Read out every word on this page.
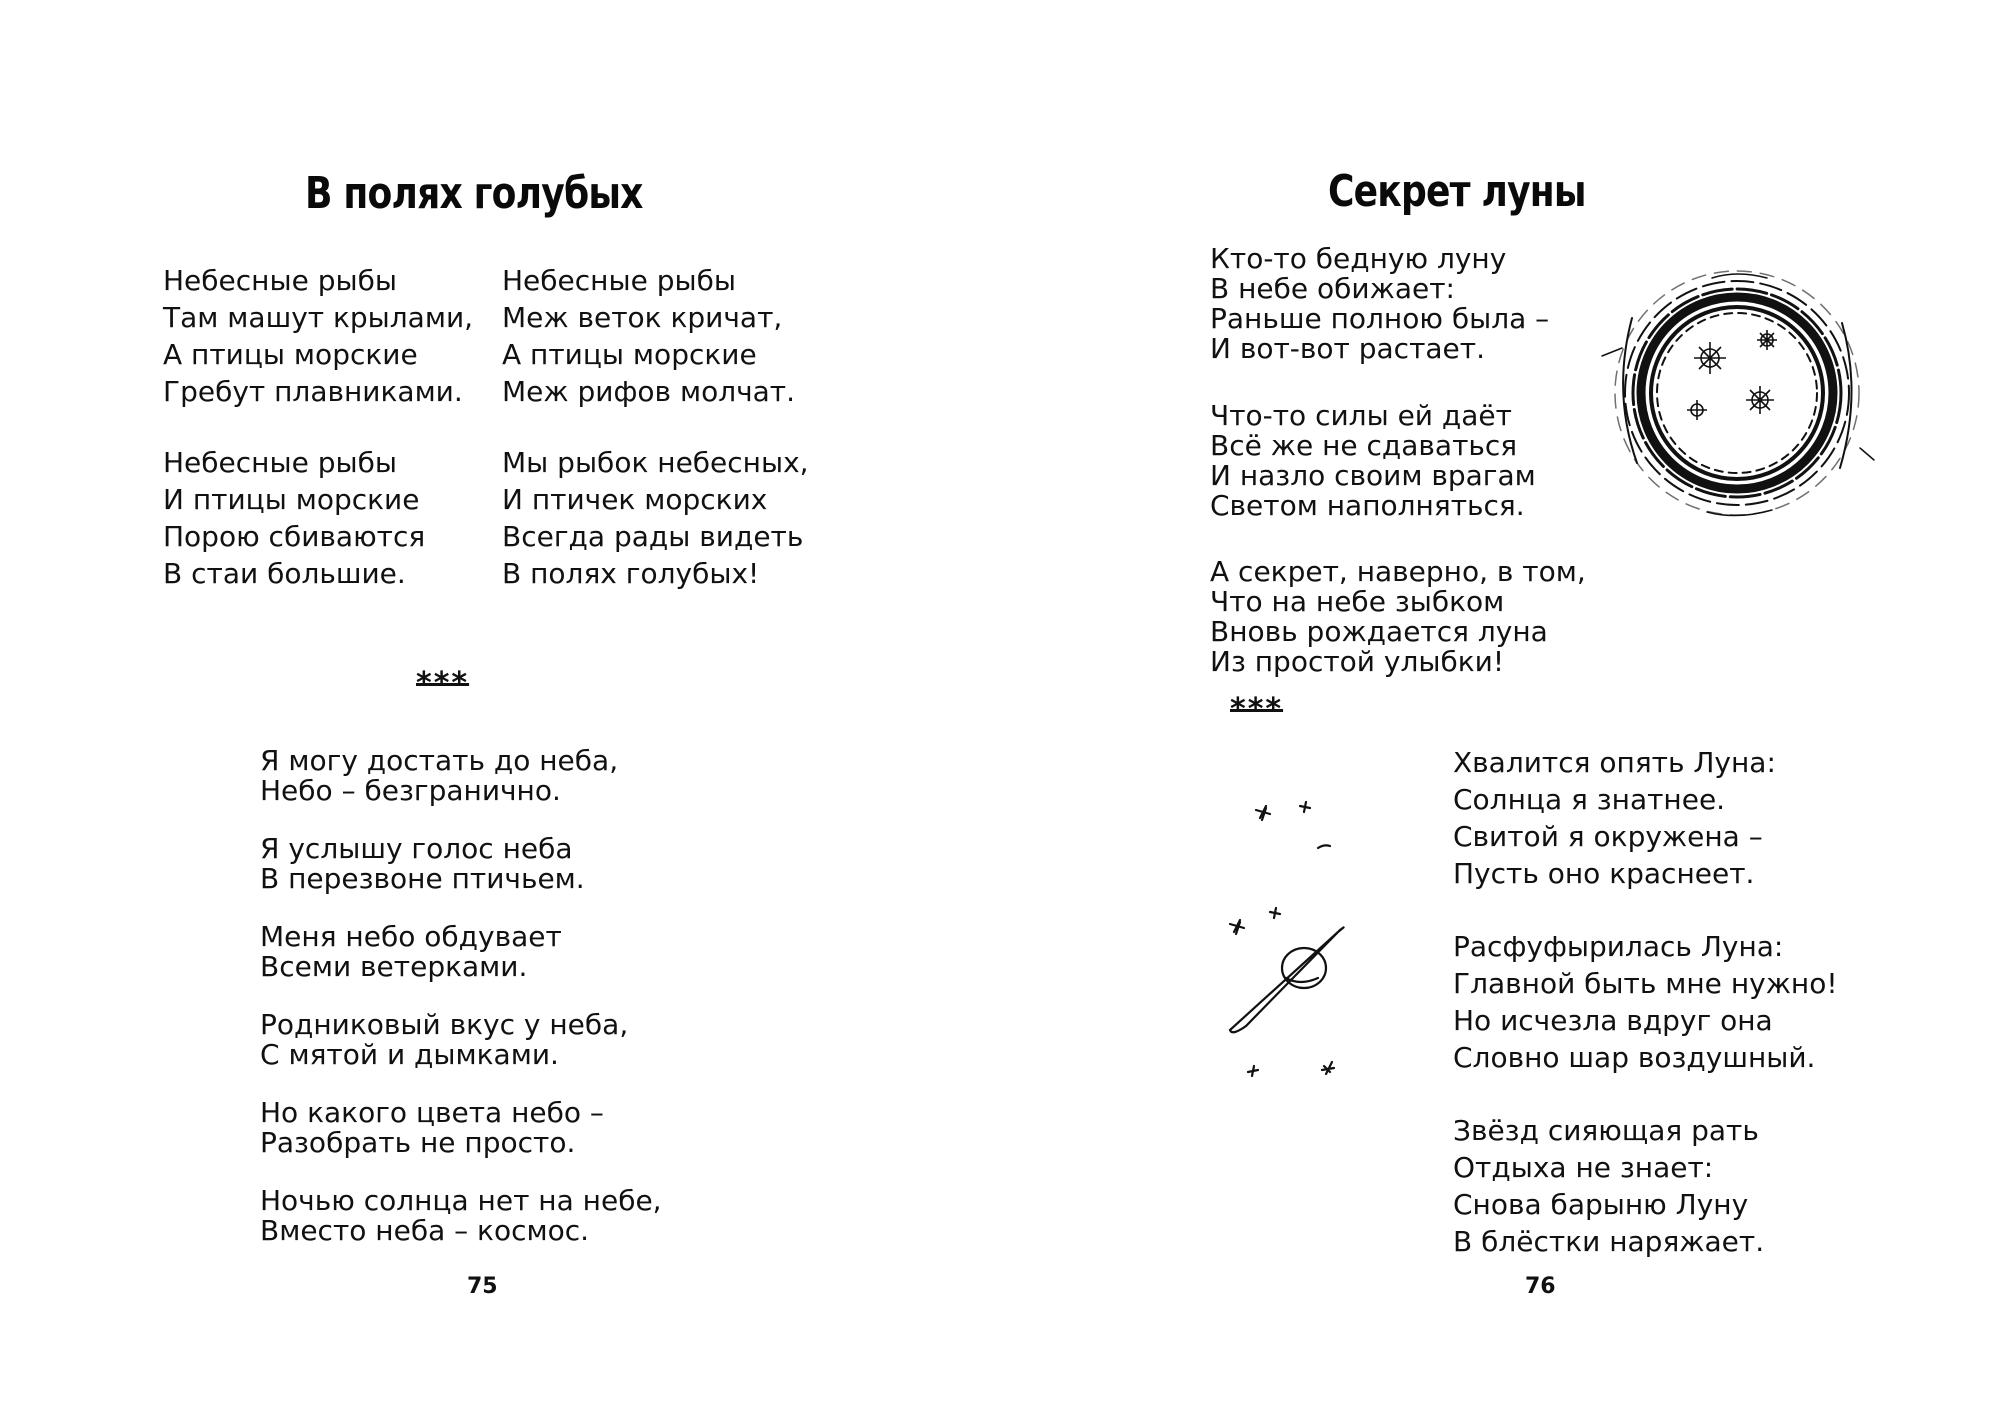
В полях голубых

Небесные рыбы
Там машут крылами,
А птицы морские
Гребут плавниками.

Небесные рыбы
И птицы морские
Порою сбиваются
В стаи большие.

Небесные рыбы
Меж веток кричат,
А птицы морские
Меж рифов молчат.

Мы рыбок небесных,
И птичек морских
Всегда рады видеть
В полях голубых!

***

Я могу достать до неба,
Небо – безгранично.

Я услышу голос неба
В перезвоне птичьем.

Меня небо обдувает
Всеми ветерками.

Родниковый вкус у неба,
С мятой и дымками.

Но какого цвета небо –
Разобрать не просто.

Ночью солнца нет на небе,
Вместо неба – космос.

75
Секрет луны

Кто-то бедную луну
В небе обижает:
Раньше полною была –
И вот-вот растает.

Что-то силы ей даёт
Всё же не сдаваться
И назло своим врагам
Светом наполняться.

А секрет, наверно, в том,
Что на небе зыбком
Вновь рождается луна
Из простой улыбки!

***

Хвалится опять Луна:
Солнца я знатнее.
Свитой я окружена –
Пусть оно краснеет.

Расфуфырилась Луна:
Главной быть мне нужно!
Но исчезла вдруг она
Словно шар воздушный.

Звёзд сияющая рать
Отдыха не знает:
Снова барыню Луну
В блёстки наряжает.

76
